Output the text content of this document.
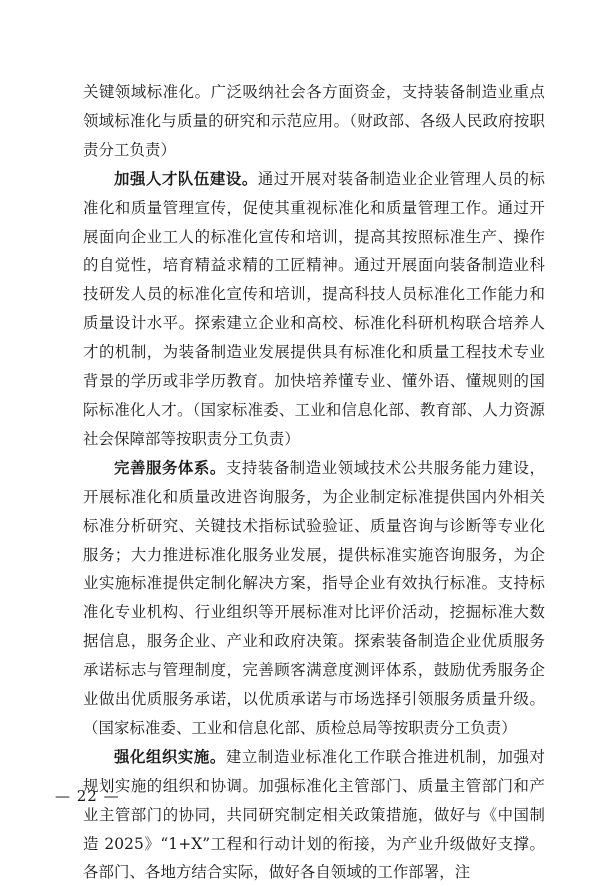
关键领域标准化。广泛吸纳社会各方面资金，支持装备制造业重点领域标准化与质量的研究和示范应用。（财政部、各级人民政府按职责分工负责）

加强人才队伍建设。通过开展对装备制造业企业管理人员的标准化和质量管理宣传，促使其重视标准化和质量管理工作。通过开展面向企业工人的标准化宣传和培训，提高其按照标准生产、操作的自觉性，培育精益求精的工匠精神。通过开展面向装备制造业科技研发人员的标准化宣传和培训，提高科技人员标准化工作能力和质量设计水平。探索建立企业和高校、标准化科研机构联合培养人才的机制，为装备制造业发展提供具有标准化和质量工程技术专业背景的学历或非学历教育。加快培养懂专业、懂外语、懂规则的国际标准化人才。（国家标准委、工业和信息化部、教育部、人力资源社会保障部等按职责分工负责）

完善服务体系。支持装备制造业领域技术公共服务能力建设，开展标准化和质量改进咨询服务，为企业制定标准提供国内外相关标准分析研究、关键技术指标试验验证、质量咨询与诊断等专业化服务；大力推进标准化服务业发展，提供标准实施咨询服务，为企业实施标准提供定制化解决方案，指导企业有效执行标准。支持标准化专业机构、行业组织等开展标准对比评价活动，挖掘标准大数据信息，服务企业、产业和政府决策。探索装备制造企业优质服务承诺标志与管理制度，完善顾客满意度测评体系，鼓励优秀服务企业做出优质服务承诺，以优质承诺与市场选择引领服务质量升级。（国家标准委、工业和信息化部、质检总局等按职责分工负责）

强化组织实施。建立制造业标准化工作联合推进机制，加强对规划实施的组织和协调。加强标准化主管部门、质量主管部门和产业主管部门的协同，共同研究制定相关政策措施，做好与《中国制造 2025》“1+X”工程和行动计划的衔接，为产业升级做好支撑。各部门、各地方结合实际，做好各自领域的工作部署，注

— 22 —
